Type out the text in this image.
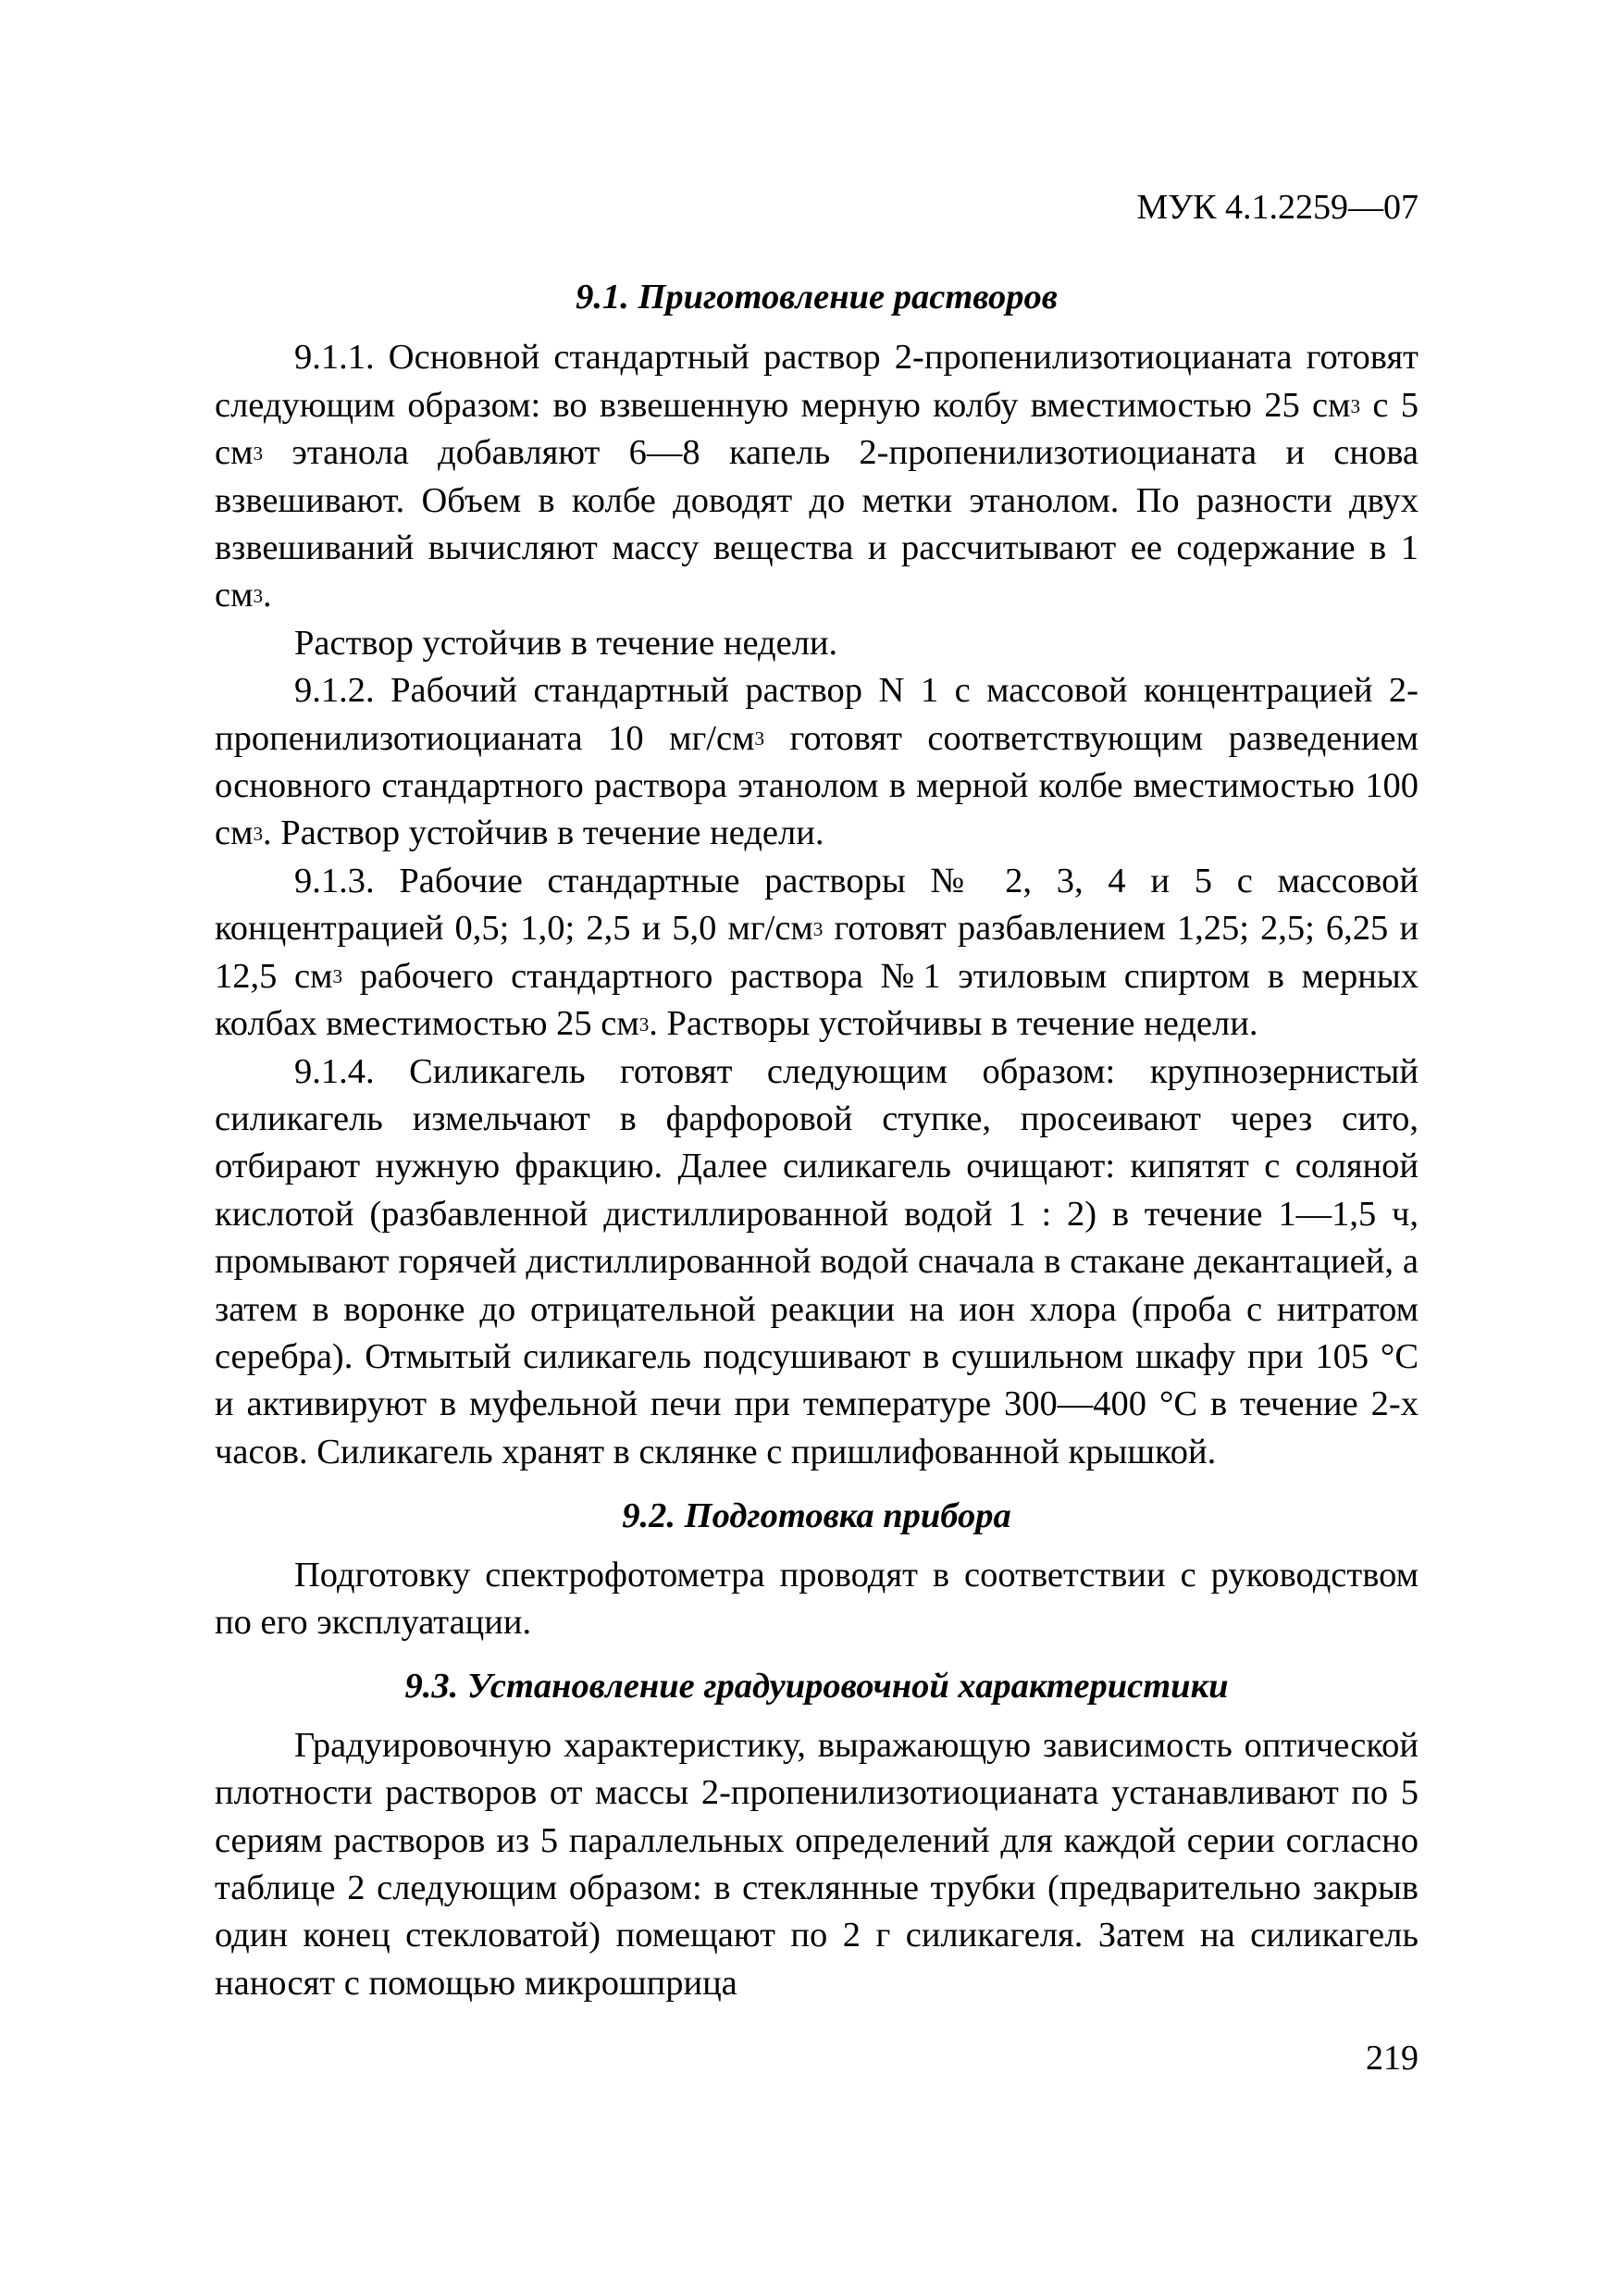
МУК 4.1.2259—07
9.1. Приготовление растворов

9.1.1. Основной стандартный раствор 2-пропенилизотиоцианата готовят следующим образом: во взвешенную мерную колбу вместимостью 25 $см^3$ с 5 $см^3$ этанола добавляют 6—8 капель 2-пропенилизотиоцианата и снова взвешивают. Объем в колбе доводят до метки этанолом. По разности двух взвешиваний вычисляют массу вещества и рассчитывают ее содержание в 1 $см^3$.

Раствор устойчив в течение недели.

9.1.2. Рабочий стандартный раствор N 1 с массовой концентрацией 2-пропенилизотиоцианата 10 $мг/см^3$ готовят соответствующим разведением основного стандартного раствора этанолом в мерной колбе вместимостью 100 $см^3$. Раствор устойчив в течение недели.

9.1.3. Рабочие стандартные растворы № 2, 3, 4 и 5 с массовой концентрацией 0,5; 1,0; 2,5 и 5,0 $мг/см^3$ готовят разбавлением 1,25; 2,5; 6,25 и 12,5 $см^3$ рабочего стандартного раствора №1 этиловым спиртом в мерных колбах вместимостью 25 $см^3$. Растворы устойчивы в течение недели.

9.1.4. Силикагель готовят следующим образом: крупнозернистый силикагель измельчают в фарфоровой ступке, просеивают через сито, отбирают нужную фракцию. Далее силикагель очищают: кипятят с соляной кислотой (разбавленной дистиллированной водой 1 : 2) в течение 1—1,5 ч, промывают горячей дистиллированной водой сначала в стакане декантацией, а затем в воронке до отрицательной реакции на ион хлора (проба с нитратом серебра). Отмытый силикагель подсушивают в сушильном шкафу при 105 °С и активируют в муфельной печи при температуре 300—400 °С в течение 2-х часов. Силикагель хранят в склянке с пришлифованной крышкой.

9.2. Подготовка прибора

Подготовку спектрофотометра проводят в соответствии с руководством по его эксплуатации.

9.3. Установление градуировочной характеристики

Градуировочную характеристику, выражающую зависимость оптической плотности растворов от массы 2-пропенилизотиоцианата устанавливают по 5 сериям растворов из 5 параллельных определений для каждой серии согласно таблице 2 следующим образом: в стеклянные трубки (предварительно закрыв один конец стекловатой) помещают по 2 г силикагеля. Затем на силикагель наносят с помощью микрошприца

219
